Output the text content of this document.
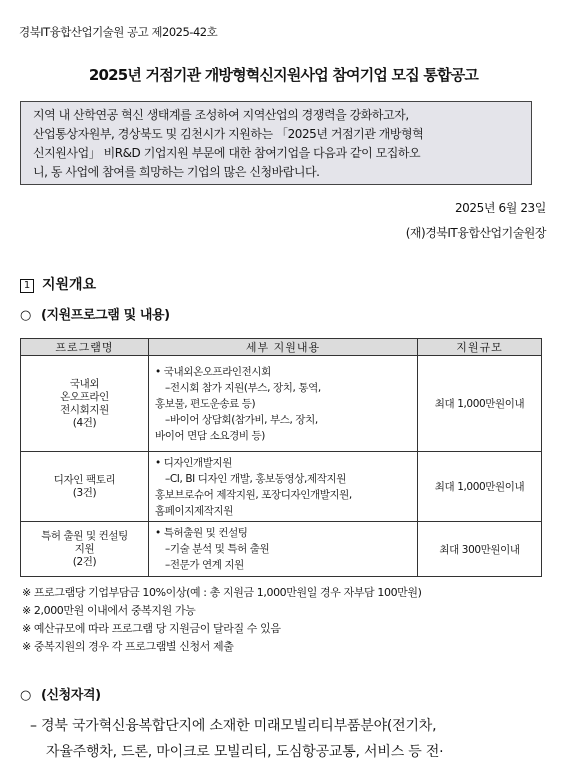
경북IT융합산업기술원 공고 제2025-42호
2025년 거점기관 개방형혁신지원사업 참여기업 모집 통합공고
지역 내 산학연공 혁신 생태계를 조성하여 지역산업의 경쟁력을 강화하고자,
산업통상자원부, 경상북도 및 김천시가 지원하는 「2025년 거점기관 개방형혁
신지원사업」 비R&D 기업지원 부문에 대한 참여기업을 다음과 같이 모집하오
니, 동 사업에 참여를 희망하는 기업의 많은 신청바랍니다.
2025년 6월 23일
(재)경북IT융합산업기술원장
1 지원개요
○ (지원프로그램 및 내용)
프로그램명	세부 지원내용	지원규모

국내외
온오프라인
전시회지원
(4건)	• 국내외온오프라인전시회
–전시회 참가 지원(부스, 장치, 통역,
홍보물, 편도운송료 등)
–바이어 상담회(참가비, 부스, 장치,
바이어 면담 소요경비 등)	최대 1,000만원이내

디자인 팩토리
(3건)	• 디자인개발지원
–CI, BI 디자인 개발, 홍보동영상,제작지원
홍보브로슈어 제작지원, 포장디자인개발지원,
홈페이지제작지원	최대 1,000만원이내

특허 출원 및 컨설팅
지원
(2건)	• 특허출원 및 컨설팅
–기술 분석 및 특허 출원
–전문가 연계 지원	최대 300만원이내
※ 프로그램당 기업부담금 10%이상(예 : 총 지원금 1,000만원일 경우 자부담 100만원)
※ 2,000만원 이내에서 중복지원 가능
※ 예산규모에 따라 프로그램 당 지원금이 달라질 수 있음
※ 중복지원의 경우 각 프로그램별 신청서 제출
○ (신청자격)
– 경북 국가혁신융복합단지에 소재한 미래모빌리티부품분야(전기차,
자율주행차, 드론, 마이크로 모빌리티, 도심항공교통, 서비스 등 전·
